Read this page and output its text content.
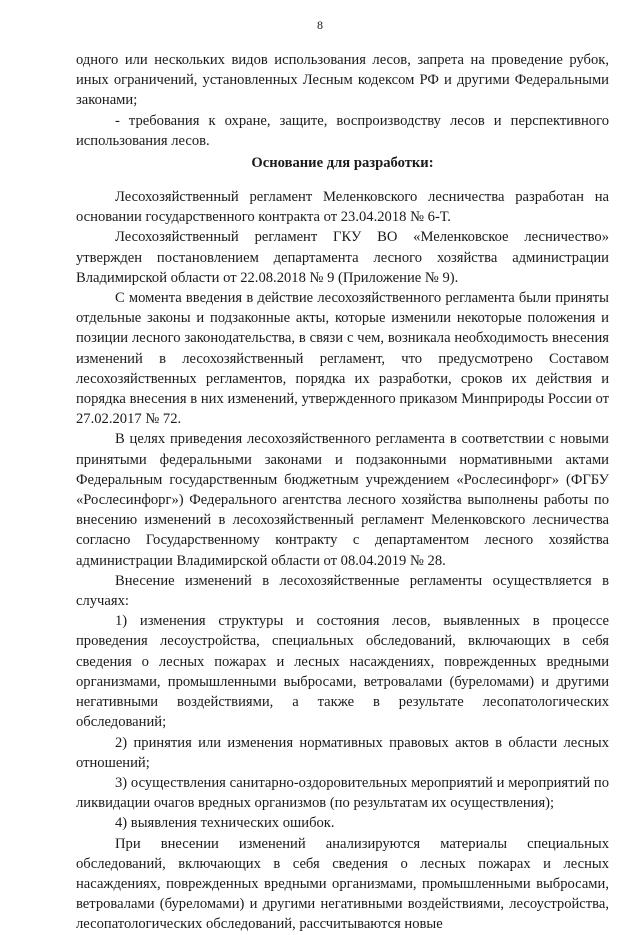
8

одного или нескольких видов использования лесов, запрета на проведение рубок, иных ограничений, установленных Лесным кодексом РФ и другими Федеральными законами;

- требования к охране, защите, воспроизводству лесов и перспективного использования лесов.

Основание для разработки:

Лесохозяйственный регламент Меленковского лесничества разработан на основании государственного контракта от 23.04.2018 № 6-Т.

Лесохозяйственный регламент ГКУ ВО «Меленковское лесничество» утвержден постановлением департамента лесного хозяйства администрации Владимирской области от 22.08.2018 № 9 (Приложение № 9).

С момента введения в действие лесохозяйственного регламента были приняты отдельные законы и подзаконные акты, которые изменили некоторые положения и позиции лесного законодательства, в связи с чем, возникала необходимость внесения изменений в лесохозяйственный регламент, что предусмотрено Составом лесохозяйственных регламентов, порядка их разработки, сроков их действия и порядка внесения в них изменений, утвержденного приказом Минприроды России от 27.02.2017 № 72.

В целях приведения лесохозяйственного регламента в соответствии с новыми принятыми федеральными законами и подзаконными нормативными актами Федеральным государственным бюджетным учреждением «Рослесинфорг» (ФГБУ «Рослесинфорг») Федерального агентства лесного хозяйства выполнены работы по внесению изменений в лесохозяйственный регламент Меленковского лесничества согласно Государственному контракту с департаментом лесного хозяйства администрации Владимирской области от 08.04.2019 № 28.

Внесение изменений в лесохозяйственные регламенты осуществляется в случаях:

1) изменения структуры и состояния лесов, выявленных в процессе проведения лесоустройства, специальных обследований, включающих в себя сведения о лесных пожарах и лесных насаждениях, поврежденных вредными организмами, промышленными выбросами, ветровалами (буреломами) и другими негативными воздействиями, а также в результате лесопатологических обследований;

2) принятия или изменения нормативных правовых актов в области лесных отношений;

3) осуществления санитарно-оздоровительных мероприятий и мероприятий по ликвидации очагов вредных организмов (по результатам их осуществления);

4) выявления технических ошибок.

При внесении изменений анализируются материалы специальных обследований, включающих в себя сведения о лесных пожарах и лесных насаждениях, поврежденных вредными организмами, промышленными выбросами, ветровалами (буреломами) и другими негативными воздействиями, лесоустройства, лесопатологических обследований, рассчитываются новые
